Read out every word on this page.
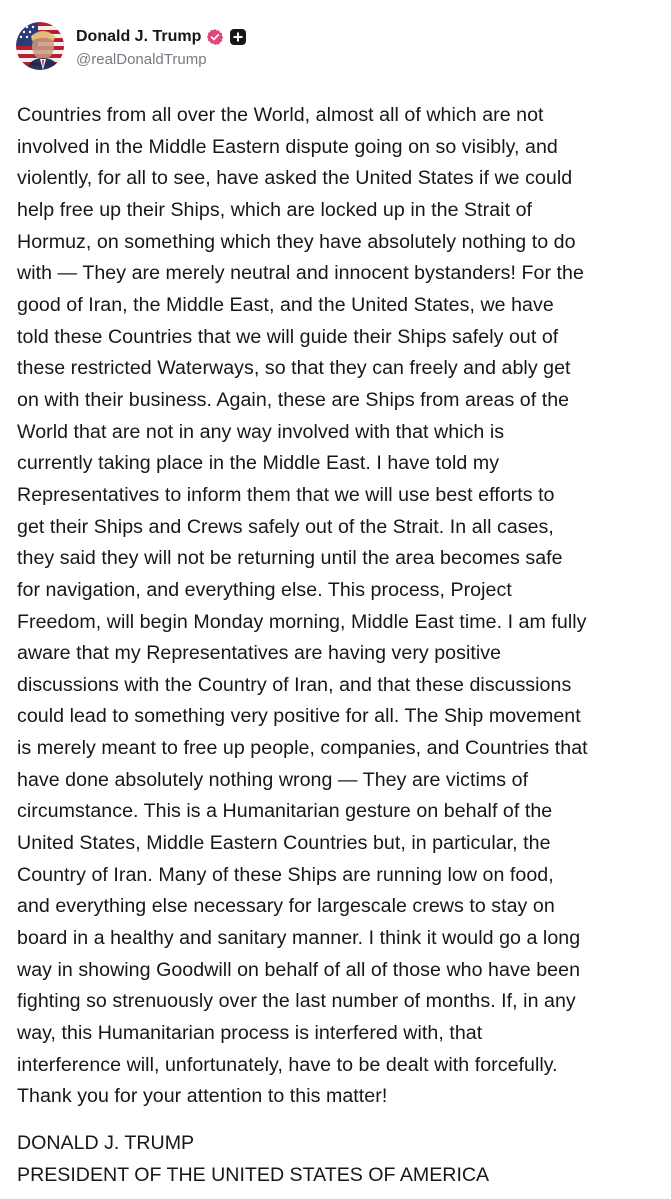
Donald J. Trump
@realDonaldTrump

Countries from all over the World, almost all of which are not
involved in the Middle Eastern dispute going on so visibly, and
violently, for all to see, have asked the United States if we could
help free up their Ships, which are locked up in the Strait of
Hormuz, on something which they have absolutely nothing to do
with — They are merely neutral and innocent bystanders! For the
good of Iran, the Middle East, and the United States, we have
told these Countries that we will guide their Ships safely out of
these restricted Waterways, so that they can freely and ably get
on with their business. Again, these are Ships from areas of the
World that are not in any way involved with that which is
currently taking place in the Middle East. I have told my
Representatives to inform them that we will use best efforts to
get their Ships and Crews safely out of the Strait. In all cases,
they said they will not be returning until the area becomes safe
for navigation, and everything else. This process, Project
Freedom, will begin Monday morning, Middle East time. I am fully
aware that my Representatives are having very positive
discussions with the Country of Iran, and that these discussions
could lead to something very positive for all. The Ship movement
is merely meant to free up people, companies, and Countries that
have done absolutely nothing wrong — They are victims of
circumstance. This is a Humanitarian gesture on behalf of the
United States, Middle Eastern Countries but, in particular, the
Country of Iran. Many of these Ships are running low on food,
and everything else necessary for largescale crews to stay on
board in a healthy and sanitary manner. I think it would go a long
way in showing Goodwill on behalf of all of those who have been
fighting so strenuously over the last number of months. If, in any
way, this Humanitarian process is interfered with, that
interference will, unfortunately, have to be dealt with forcefully.
Thank you for your attention to this matter!

DONALD J. TRUMP
PRESIDENT OF THE UNITED STATES OF AMERICA
